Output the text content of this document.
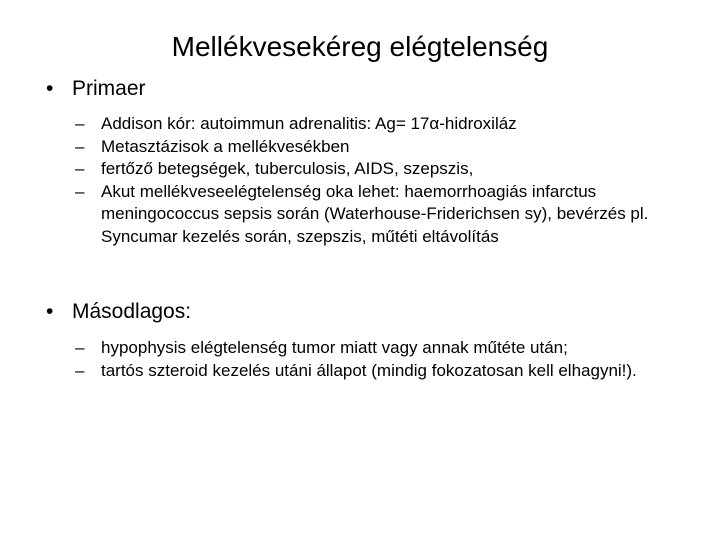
Mellékvesekéreg elégtelenség
• Primaer
– Addison kór: autoimmun adrenalitis: Ag= 17α-hidroxiláz
– Metasztázisok a mellékvesékben
– fertőző betegségek, tuberculosis, AIDS, szepszis,
– Akut mellékveseelégtelenség oka lehet: haemorrhoagiás infarctus meningococcus sepsis során (Waterhouse-Friderichsen sy), bevérzés pl. Syncumar kezelés során, szepszis, műtéti eltávolítás
• Másodlagos:
– hypophysis elégtelenség tumor miatt vagy annak műtéte után;
– tartós szteroid kezelés utáni állapot (mindig fokozatosan kell elhagyni!).
